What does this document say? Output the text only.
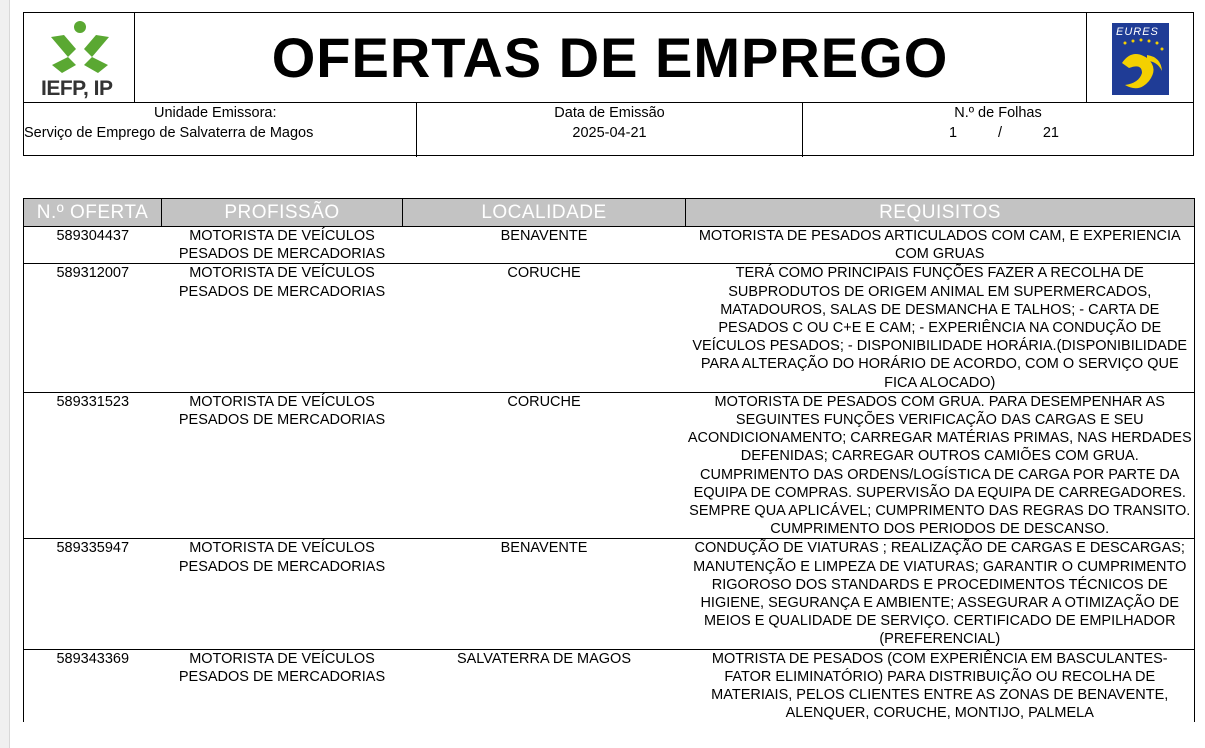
IEFP, IP	OFERTAS DE EMPREGO	EURES
Unidade Emissora:
Serviço de Emprego de Salvaterra de Magos
Data de Emissão
2025-04-21
N.º de Folhas
1	/	21
N.º OFERTA	PROFISSÃO	LOCALIDADE	REQUISITOS
589304437	MOTORISTA DE VEÍCULOS PESADOS DE MERCADORIAS	BENAVENTE	MOTORISTA DE PESADOS ARTICULADOS COM CAM, E EXPERIENCIA COM GRUAS
589312007	MOTORISTA DE VEÍCULOS PESADOS DE MERCADORIAS	CORUCHE	TERÁ COMO PRINCIPAIS FUNÇÕES FAZER A RECOLHA DE SUBPRODUTOS DE ORIGEM ANIMAL EM SUPERMERCADOS, MATADOUROS, SALAS DE DESMANCHA E TALHOS; - CARTA DE PESADOS C OU C+E E CAM; - EXPERIÊNCIA NA CONDUÇÃO DE VEÍCULOS PESADOS; - DISPONIBILIDADE HORÁRIA.(DISPONIBILIDADE PARA ALTERAÇÃO DO HORÁRIO DE ACORDO, COM O SERVIÇO QUE FICA ALOCADO)
589331523	MOTORISTA DE VEÍCULOS PESADOS DE MERCADORIAS	CORUCHE	MOTORISTA DE PESADOS COM GRUA. PARA DESEMPENHAR AS SEGUINTES FUNÇÕES VERIFICAÇÃO DAS CARGAS E SEU ACONDICIONAMENTO; CARREGAR MATÉRIAS PRIMAS, NAS HERDADES DEFENIDAS; CARREGAR OUTROS CAMIÕES COM GRUA. CUMPRIMENTO DAS ORDENS/LOGÍSTICA DE CARGA POR PARTE DA EQUIPA DE COMPRAS. SUPERVISÃO DA EQUIPA DE CARREGADORES. SEMPRE QUA APLICÁVEL; CUMPRIMENTO DAS REGRAS DO TRANSITO. CUMPRIMENTO DOS PERIODOS DE DESCANSO.
589335947	MOTORISTA DE VEÍCULOS PESADOS DE MERCADORIAS	BENAVENTE	CONDUÇÃO DE VIATURAS ; REALIZAÇÃO DE CARGAS E DESCARGAS; MANUTENÇÃO E LIMPEZA DE VIATURAS; GARANTIR O CUMPRIMENTO RIGOROSO DOS STANDARDS E PROCEDIMENTOS TÉCNICOS DE HIGIENE, SEGURANÇA E AMBIENTE; ASSEGURAR A OTIMIZAÇÃO DE MEIOS E QUALIDADE DE SERVIÇO. CERTIFICADO DE EMPILHADOR (PREFERENCIAL)
589343369	MOTORISTA DE VEÍCULOS PESADOS DE MERCADORIAS	SALVATERRA DE MAGOS	MOTRISTA DE PESADOS (COM EXPERIÊNCIA EM BASCULANTES- FATOR ELIMINATÓRIO) PARA DISTRIBUIÇÃO OU RECOLHA DE MATERIAIS, PELOS CLIENTES ENTRE AS ZONAS DE BENAVENTE, ALENQUER, CORUCHE, MONTIJO, PALMELA
